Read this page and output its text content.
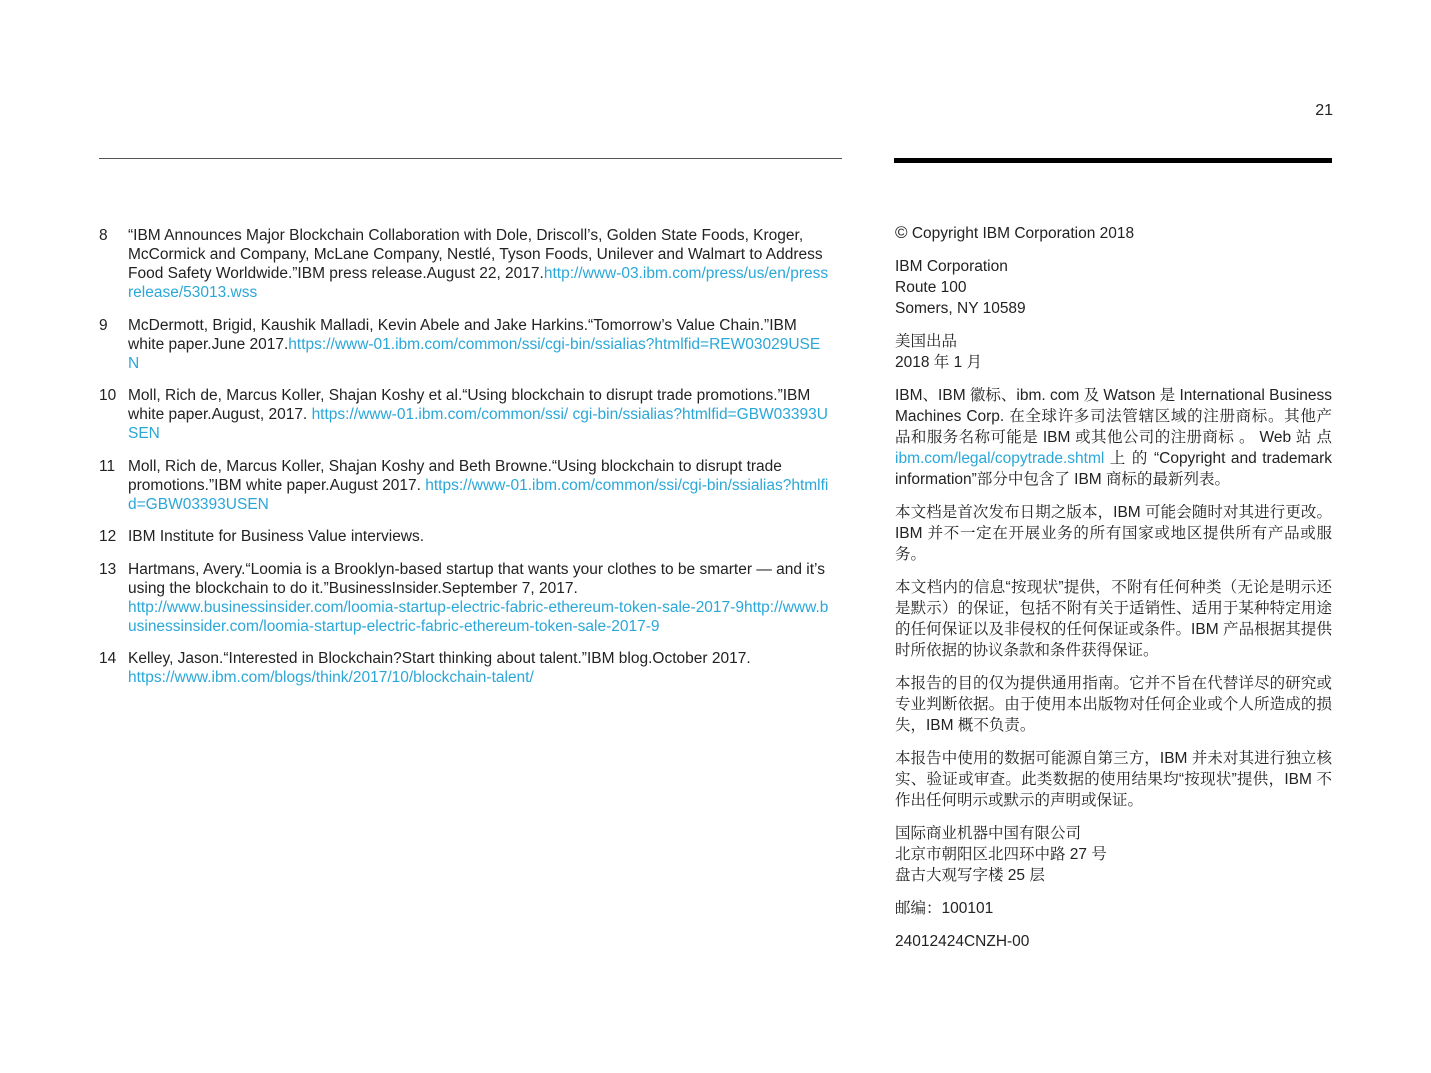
21
8	“IBM Announces Major Blockchain Collaboration with Dole, Driscoll’s, Golden State Foods, Kroger, McCormick and Company, McLane Company, Nestlé, Tyson Foods, Unilever and Walmart to Address Food Safety Worldwide.”IBM press release.August 22, 2017.http://www-03.ibm.com/press/us/en/pressrelease/53013.wss
9	McDermott, Brigid, Kaushik Malladi, Kevin Abele and Jake Harkins.“Tomorrow’s Value Chain.”IBM white paper.June 2017.https://www-01.ibm.com/common/ssi/cgi-bin/ssialias?htmlfid=REW03029USEN
10 Moll, Rich de, Marcus Koller, Shajan Koshy et al.“Using blockchain to disrupt trade promotions.”IBM white paper.August, 2017. https://www-01.ibm.com/common/ssi/ cgi-bin/ssialias?htmlfid=GBW03393USEN
11 Moll, Rich de, Marcus Koller, Shajan Koshy and Beth Browne.“Using blockchain to disrupt trade promotions.”IBM white paper.August 2017. https://www-01.ibm.com/common/ssi/cgi-bin/ssialias?htmlfid=GBW03393USEN
12 IBM Institute for Business Value interviews.
13 Hartmans, Avery.“Loomia is a Brooklyn-based startup that wants your clothes to be smarter — and it’s using the blockchain to do it.”BusinessInsider.September 7, 2017.
http://www.businessinsider.com/loomia-startup-electric-fabric-ethereum-token-sale-2017-9http://www.businessinsider.com/loomia-startup-electric-fabric-ethereum-token-sale-2017-9
14 Kelley, Jason.“Interested in Blockchain?Start thinking about talent.”IBM blog.October 2017.
https://www.ibm.com/blogs/think/2017/10/blockchain-talent/

© Copyright IBM Corporation 2018

IBM Corporation
Route 100
Somers, NY 10589

美国出品
2018 年 1 月

IBM、IBM 徽标、ibm. com 及 Watson 是 International Business Machines Corp. 在全球许多司法管辖区域的注册商标。其他产品和服务名称可能是 IBM 或其他公司的注册商标 。 Web 站 点 ibm.com/legal/copytrade.shtml 上 的 “Copyright and trademark information”部分中包含了 IBM 商标的最新列表。

本文档是首次发布日期之版本，IBM 可能会随时对其进行更改。IBM 并不一定在开展业务的所有国家或地区提供所有产品或服务。

本文档内的信息“按现状”提供，不附有任何种类（无论是明示还是默示）的保证，包括不附有关于适销性、适用于某种特定用途的任何保证以及非侵权的任何保证或条件。IBM 产品根据其提供时所依据的协议条款和条件获得保证。

本报告的目的仅为提供通用指南。它并不旨在代替详尽的研究或专业判断依据。由于使用本出版物对任何企业或个人所造成的损失，IBM 概不负责。

本报告中使用的数据可能源自第三方，IBM 并未对其进行独立核实、验证或审查。此类数据的使用结果均“按现状”提供，IBM 不作出任何明示或默示的声明或保证。

国际商业机器中国有限公司
北京市朝阳区北四环中路 27 号
盘古大观写字楼 25 层

邮编：100101

24012424CNZH-00
